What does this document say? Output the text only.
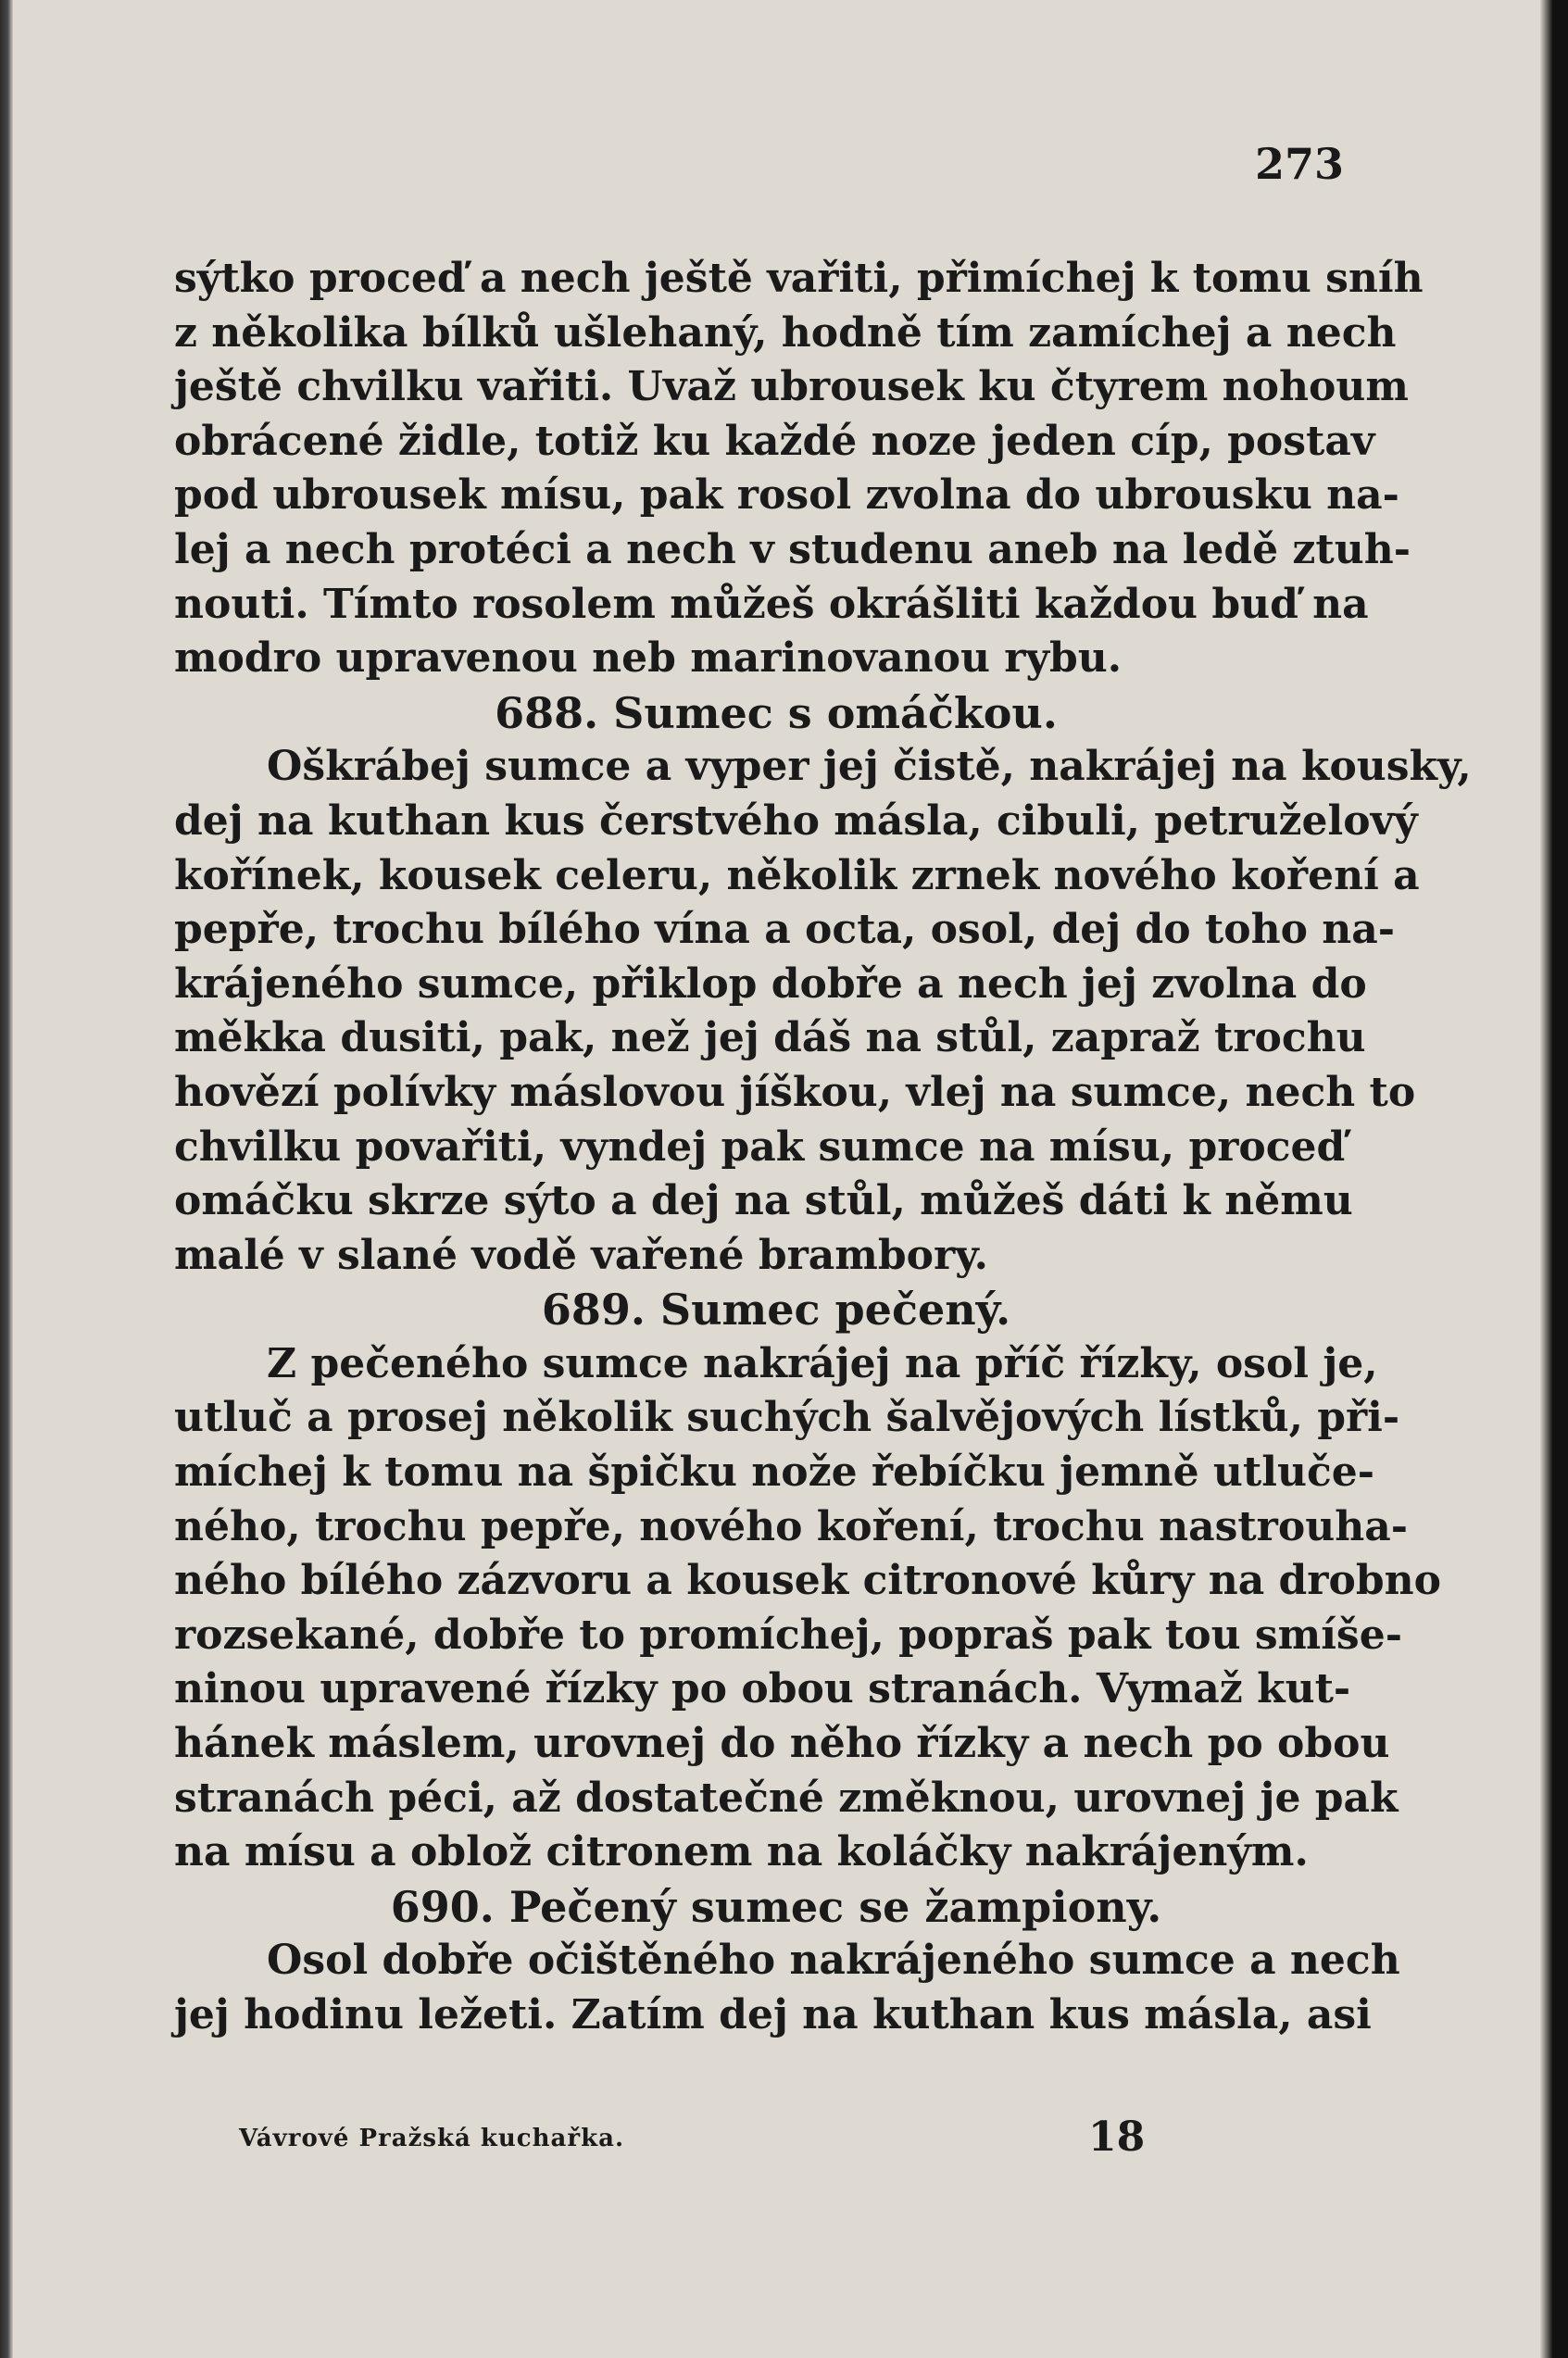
273
sýtko proceď a nech ještě vařiti, přimíchej k tomu sníh
z několika bílků ušlehaný, hodně tím zamíchej a nech
ještě chvilku vařiti. Uvaž ubrousek ku čtyrem nohoum
obrácené židle, totiž ku každé noze jeden cíp, postav
pod ubrousek mísu, pak rosol zvolna do ubrousku na-
lej a nech protéci a nech v studenu aneb na ledě ztuh-
nouti. Tímto rosolem můžeš okrášliti každou buď na
modro upravenou neb marinovanou rybu.
688. Sumec s omáčkou.
Oškrábej sumce a vyper jej čistě, nakrájej na kousky,
dej na kuthan kus čerstvého másla, cibuli, petruželový
kořínek, kousek celeru, několik zrnek nového koření a
pepře, trochu bílého vína a octa, osol, dej do toho na-
krájeného sumce, přiklop dobře a nech jej zvolna do
měkka dusiti, pak, než jej dáš na stůl, zapraž trochu
hovězí polívky máslovou jíškou, vlej na sumce, nech to
chvilku povařiti, vyndej pak sumce na mísu, proceď
omáčku skrze sýto a dej na stůl, můžeš dáti k němu
malé v slané vodě vařené brambory.
689. Sumec pečený.
Z pečeného sumce nakrájej na příč řízky, osol je,
utluč a prosej několik suchých šalvějových lístků, při-
míchej k tomu na špičku nože řebíčku jemně utluče-
ného, trochu pepře, nového koření, trochu nastrouha-
ného bílého zázvoru a kousek citronové kůry na drobno
rozsekané, dobře to promíchej, popraš pak tou smíše-
ninou upravené řízky po obou stranách. Vymaž kut-
hánek máslem, urovnej do něho řízky a nech po obou
stranách péci, až dostatečné změknou, urovnej je pak
na mísu a oblož citronem na koláčky nakrájeným.
690. Pečený sumec se žampiony.
Osol dobře očištěného nakrájeného sumce a nech
jej hodinu ležeti. Zatím dej na kuthan kus másla, asi
Vávrové Pražská kuchařka.	18
